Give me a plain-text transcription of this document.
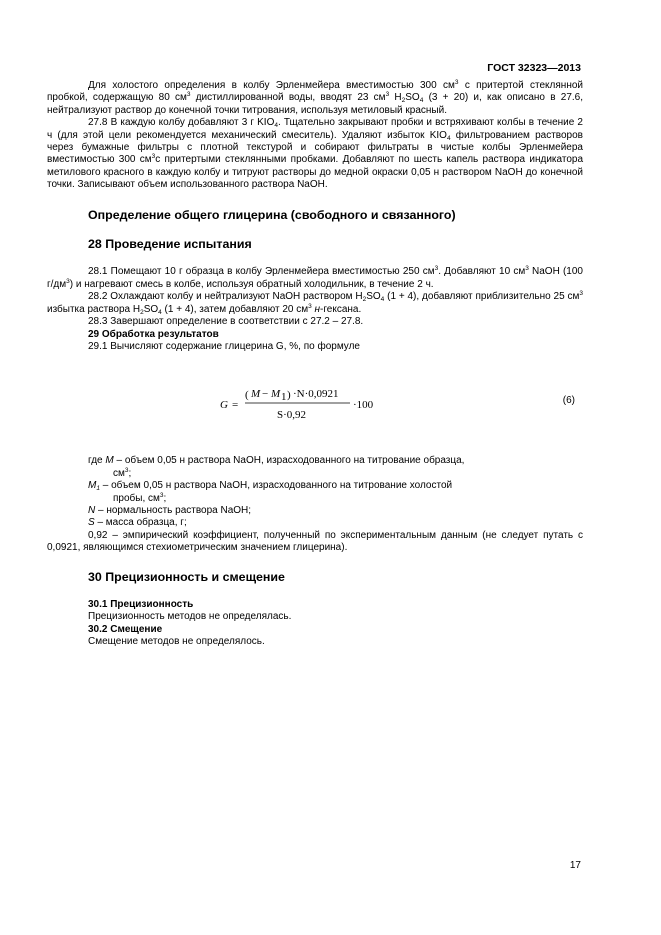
ГОСТ 32323—2013

Для холостого определения в колбу Эрленмейера вместимостью 300 $см^3$ с притертой стеклянной пробкой, содержащую 80 $см^3$ дистиллированной воды, вводят 23 $см^3$ $H_2SO_4$ (3 + 20) и, как описано в 27.6, нейтрализуют раствор до конечной точки титрования, используя метиловый красный.

27.8 В каждую колбу добавляют 3 г $KIO_4$. Тщательно закрывают пробки и встряхивают колбы в течение 2 ч (для этой цели рекомендуется механический смеситель). Удаляют избыток $KIO_4$ фильтрованием растворов через бумажные фильтры с плотной текстурой и собирают фильтраты в чистые колбы Эрленмейера вместимостью 300 $см^3с$ притертыми стеклянными пробками. Добавляют по шесть капель раствора индикатора метилового красного в каждую колбу и титруют растворы до медной окраски 0,05 н раствором NaOH до конечной точки. Записывают объем использованного раствора NaOH.

Определение общего глицерина (свободного и связанного)
28 Проведение испытания

28.1 Помещают 10 г образца в колбу Эрленмейера вместимостью 250 $см^3$. Добавляют 10 $см^3$ NaOH (100 $г/дм^3$) и нагревают смесь в колбе, используя обратный холодильник, в течение 2 ч.

28.2 Охлаждают колбу и нейтрализуют NaOH раствором $H_2SO_4$ (1 + 4), добавляют приблизительно 25 $см^3$ избытка раствора $H_2SO_4$ (1 + 4), затем добавляют 20 $см^3$ н-гексана.

28.3 Завершают определение в соответствии с 27.2 – 27.8.

29 Обработка результатов

29.1 Вычисляют содержание глицерина G, %, по формуле

G =
( M − M 1 ) ·N·0,0921
S·0,92
·100	(6)

где M – объем 0,05 н раствора NaOH, израсходованного на титрование образца,

$см^3$;

$M_1$ – объем 0,05 н раствора NaOH, израсходованного на титрование холостой

пробы, $см^3$;

N – нормальность раствора NaOH;

S – масса образца, г;

0,92 – эмпирический коэффициент, полученный по экспериментальным данным (не следует путать с 0,0921, являющимся стехиометрическим значением глицерина).

30 Прецизионность и смещение

30.1 Прецизионность

Прецизионность методов не определялась.

30.2 Смещение

Смещение методов не определялось.

17
